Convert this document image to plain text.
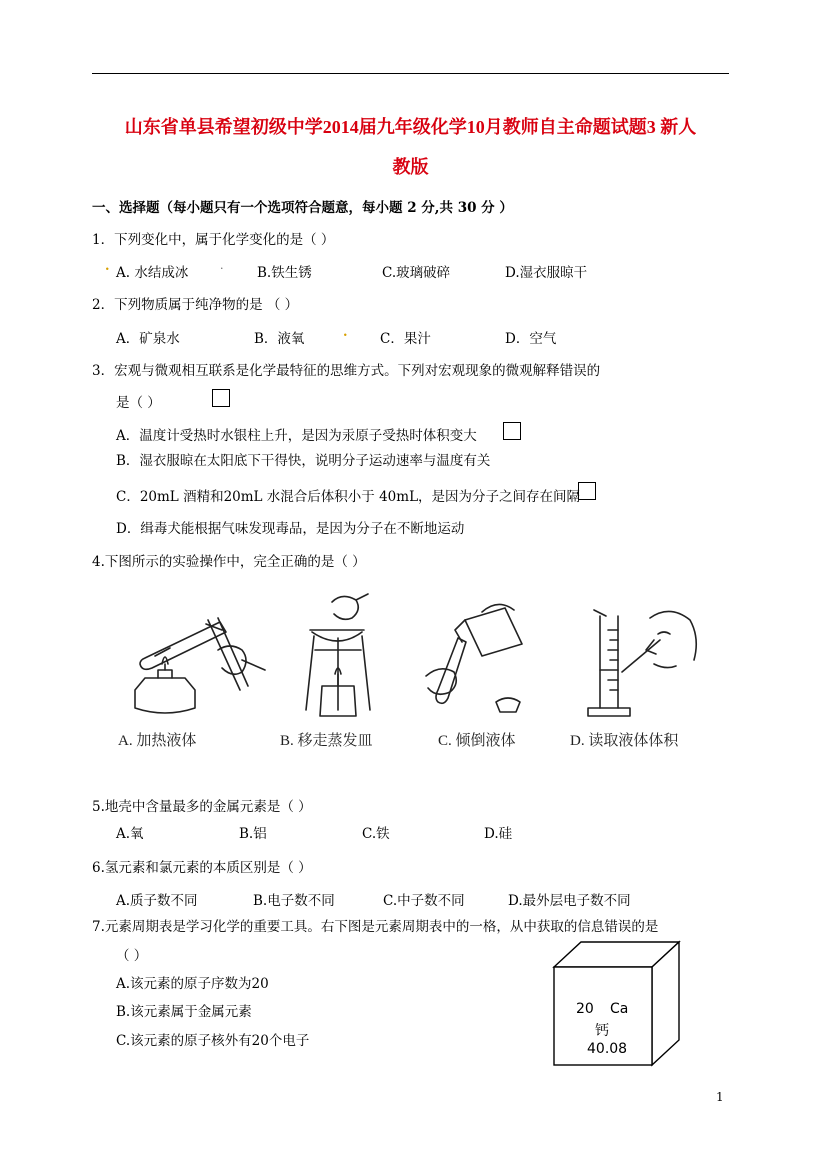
山东省单县希望初级中学2014届九年级化学10月教师自主命题试题3 新人
教版
一、选择题（每小题只有一个选项符合题意，每小题 2 分,共 30 分 ）
1．下列变化中，属于化学变化的是（ ）
. A. 水结成冰	. B.铁生锈	C.玻璃破碎	D.湿衣服晾干
2．下列物质属于纯净物的是 （ ）
A．矿泉水	B．液氧	. C．果汁	D．空气
3．宏观与微观相互联系是化学最特征的思维方式。下列对宏观现象的微观解释错误的
是（ ）
A．温度计受热时水银柱上升，是因为汞原子受热时体积变大
B．湿衣服晾在太阳底下干得快，说明分子运动速率与温度有关
C．20mL 酒精和20mL 水混合后体积小于 40mL，是因为分子之间存在间隔
D．缉毒犬能根据气味发现毒品，是因为分子在不断地运动
4.下图所示的实验操作中，完全正确的是（ ）
A. 加热液体	B. 移走蒸发皿	C. 倾倒液体	D. 读取液体体积
5.地壳中含量最多的金属元素是（ ）
A.氧	B.铝	C.铁	D.硅
6.氢元素和氯元素的本质区别是（ ）
A.质子数不同	B.电子数不同	C.中子数不同	D.最外层电子数不同
7.元素周期表是学习化学的重要工具。右下图是元素周期表中的一格，从中获取的信息错误的是
（ ）
A.该元素的原子序数为20
B.该元素属于金属元素
C.该元素的原子核外有20个电子
20 Ca
钙
40.08
1
